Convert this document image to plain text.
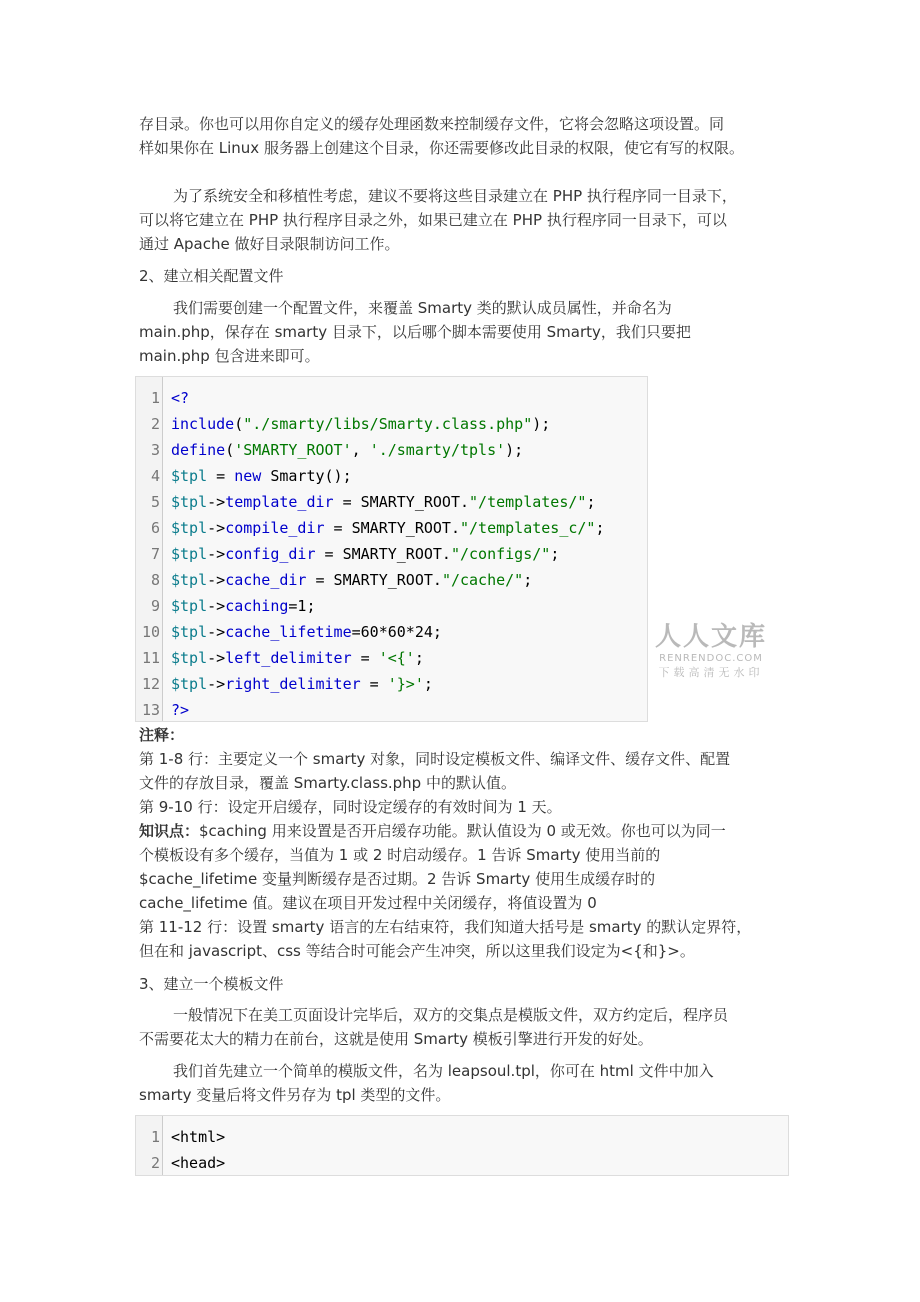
存目录。你也可以用你自定义的缓存处理函数来控制缓存文件，它将会忽略这项设置。同
样如果你在 Linux 服务器上创建这个目录，你还需要修改此目录的权限，使它有写的权限。
为了系统安全和移植性考虑，建议不要将这些目录建立在 PHP 执行程序同一目录下，
可以将它建立在 PHP 执行程序目录之外，如果已建立在 PHP 执行程序同一目录下，可以
通过 Apache 做好目录限制访问工作。
2、建立相关配置文件
我们需要创建一个配置文件，来覆盖 Smarty 类的默认成员属性，并命名为
main.php，保存在 smarty 目录下，以后哪个脚本需要使用 Smarty，我们只要把
main.php 包含进来即可。
1 <?
2 include("./smarty/libs/Smarty.class.php");
3 define('SMARTY_ROOT', './smarty/tpls');
4 $tpl = new Smarty();
5 $tpl->template_dir = SMARTY_ROOT."/templates/";
6 $tpl->compile_dir = SMARTY_ROOT."/templates_c/";
7 $tpl->config_dir = SMARTY_ROOT."/configs/";
8 $tpl->cache_dir = SMARTY_ROOT."/cache/";
9 $tpl->caching=1;
10 $tpl->cache_lifetime=60*60*24;
11 $tpl->left_delimiter = '<{';
12 $tpl->right_delimiter = '}>';
13 ?>
人人文库
RENRENDOC.COM
下载高清无水印
注释：
第 1-8 行：主要定义一个 smarty 对象，同时设定模板文件、编译文件、缓存文件、配置
文件的存放目录，覆盖 Smarty.class.php 中的默认值。
第 9-10 行：设定开启缓存，同时设定缓存的有效时间为 1 天。
知识点：$caching 用来设置是否开启缓存功能。默认值设为 0 或无效。你也可以为同一
个模板设有多个缓存，当值为 1 或 2 时启动缓存。1 告诉 Smarty 使用当前的
$cache_lifetime 变量判断缓存是否过期。2 告诉 Smarty 使用生成缓存时的
cache_lifetime 值。建议在项目开发过程中关闭缓存，将值设置为 0
第 11-12 行：设置 smarty 语言的左右结束符，我们知道大括号是 smarty 的默认定界符，
但在和 javascript、css 等结合时可能会产生冲突，所以这里我们设定为<{和}>。
3、建立一个模板文件
一般情况下在美工页面设计完毕后，双方的交集点是模版文件，双方约定后，程序员
不需要花太大的精力在前台，这就是使用 Smarty 模板引擎进行开发的好处。
我们首先建立一个简单的模版文件，名为 leapsoul.tpl，你可在 html 文件中加入
smarty 变量后将文件另存为 tpl 类型的文件。
1 <html>
2 <head>
